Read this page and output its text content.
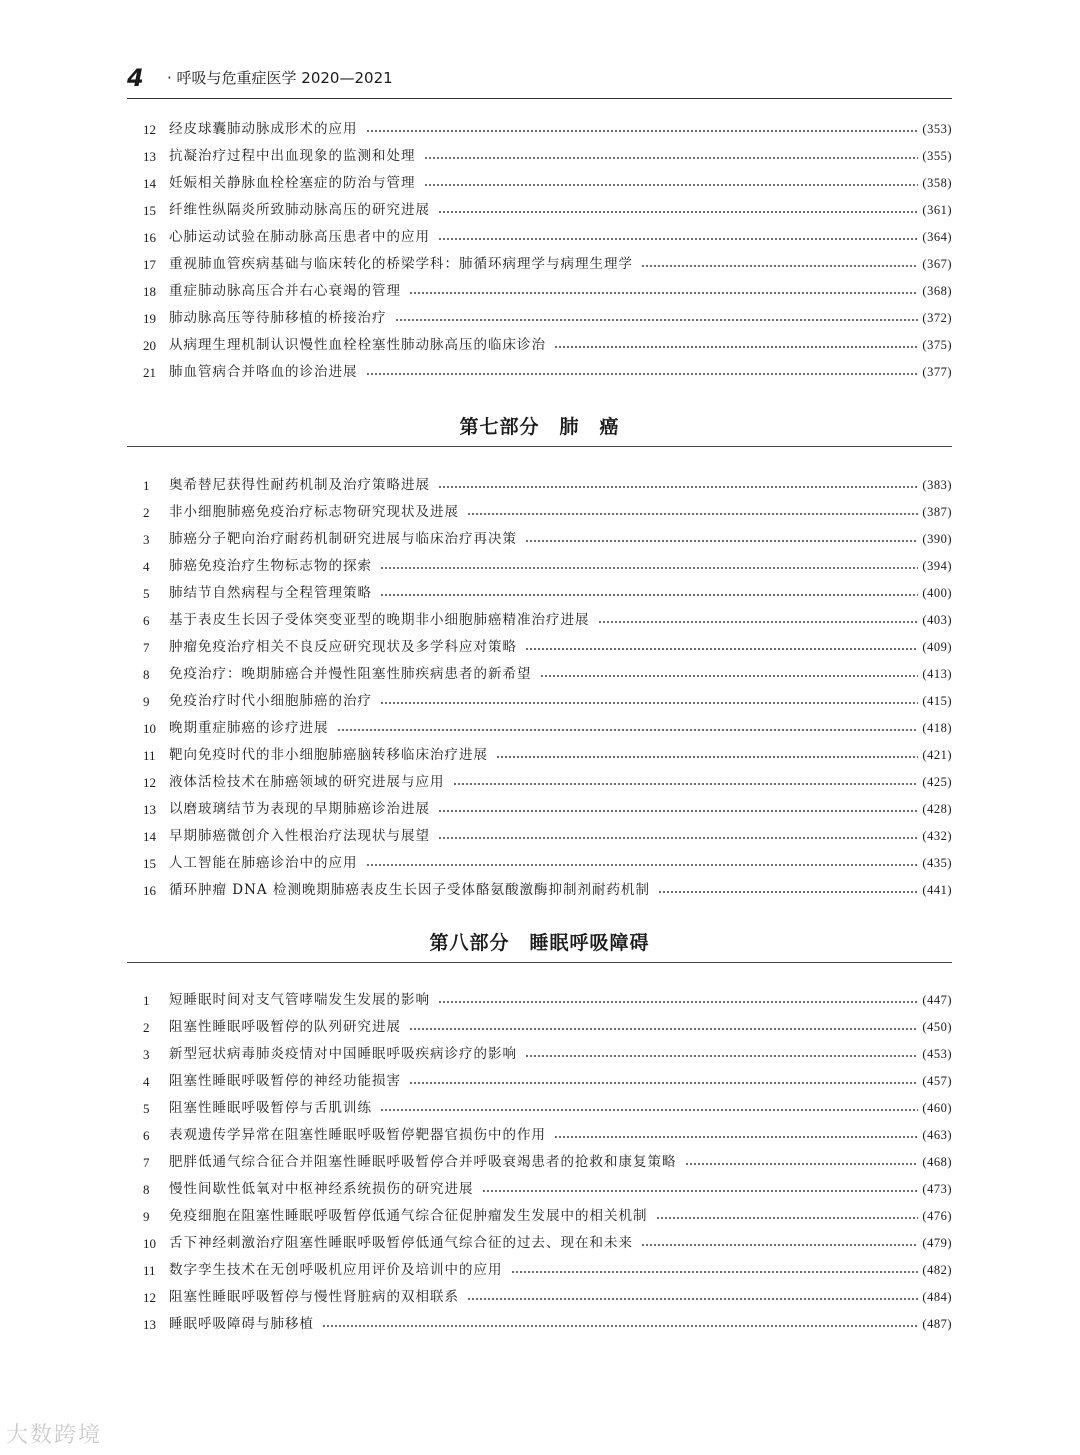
4 · 呼吸与危重症医学 2020—2021
12 经皮球囊肺动脉成形术的应用	(353)
13 抗凝治疗过程中出血现象的监测和处理	(355)
14 妊娠相关静脉血栓栓塞症的防治与管理	(358)
15 纤维性纵隔炎所致肺动脉高压的研究进展	(361)
16 心肺运动试验在肺动脉高压患者中的应用	(364)
17 重视肺血管疾病基础与临床转化的桥梁学科：肺循环病理学与病理生理学	(367)
18 重症肺动脉高压合并右心衰竭的管理	(368)
19 肺动脉高压等待肺移植的桥接治疗	(372)
20 从病理生理机制认识慢性血栓栓塞性肺动脉高压的临床诊治	(375)
21 肺血管病合并咯血的诊治进展	(377)
第七部分　肺　癌
1	奥希替尼获得性耐药机制及治疗策略进展	(383)
2	非小细胞肺癌免疫治疗标志物研究现状及进展	(387)
3	肺癌分子靶向治疗耐药机制研究进展与临床治疗再决策	(390)
4	肺癌免疫治疗生物标志物的探索	(394)
5	肺结节自然病程与全程管理策略	(400)
6	基于表皮生长因子受体突变亚型的晚期非小细胞肺癌精准治疗进展	(403)
7	肿瘤免疫治疗相关不良反应研究现状及多学科应对策略	(409)
8	免疫治疗：晚期肺癌合并慢性阻塞性肺疾病患者的新希望	(413)
9	免疫治疗时代小细胞肺癌的治疗	(415)
10 晚期重症肺癌的诊疗进展	(418)
11 靶向免疫时代的非小细胞肺癌脑转移临床治疗进展	(421)
12 液体活检技术在肺癌领域的研究进展与应用	(425)
13 以磨玻璃结节为表现的早期肺癌诊治进展	(428)
14 早期肺癌微创介入性根治疗法现状与展望	(432)
15 人工智能在肺癌诊治中的应用	(435)
16 循环肿瘤 DNA 检测晚期肺癌表皮生长因子受体酪氨酸激酶抑制剂耐药机制	(441)
第八部分　睡眠呼吸障碍
1	短睡眠时间对支气管哮喘发生发展的影响	(447)
2	阻塞性睡眠呼吸暂停的队列研究进展	(450)
3	新型冠状病毒肺炎疫情对中国睡眠呼吸疾病诊疗的影响	(453)
4	阻塞性睡眠呼吸暂停的神经功能损害	(457)
5	阻塞性睡眠呼吸暂停与舌肌训练	(460)
6	表观遗传学异常在阻塞性睡眠呼吸暂停靶器官损伤中的作用	(463)
7	肥胖低通气综合征合并阻塞性睡眠呼吸暂停合并呼吸衰竭患者的抢救和康复策略	(468)
8	慢性间歇性低氧对中枢神经系统损伤的研究进展	(473)
9	免疫细胞在阻塞性睡眠呼吸暂停低通气综合征促肿瘤发生发展中的相关机制	(476)
10 舌下神经刺激治疗阻塞性睡眠呼吸暂停低通气综合征的过去、现在和未来	(479)
11 数字孪生技术在无创呼吸机应用评价及培训中的应用	(482)
12 阻塞性睡眠呼吸暂停与慢性肾脏病的双相联系	(484)
13 睡眠呼吸障碍与肺移植	(487)
大数跨境
